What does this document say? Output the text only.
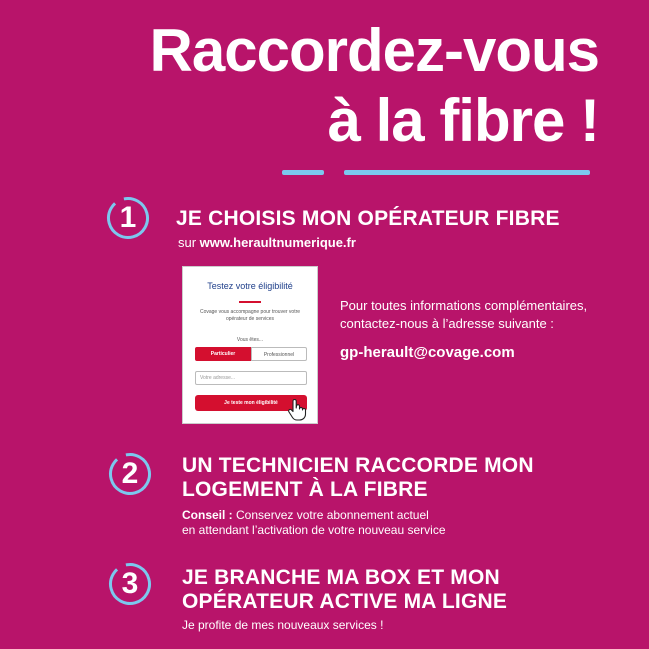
Raccordez-vous
à la fibre !
1	JE CHOISIS MON OPÉRATEUR FIBRE
sur www.heraultnumerique.fr
Testez votre éligibilité
Covage vous accompagne pour trouver votre opérateur de services
Vous êtes...
Particulier	Professionnel
Votre adresse...
Je teste mon éligibilité
Pour toutes informations complémentaires,
contactez-nous à l’adresse suivante :
gp-herault@covage.com
2	UN TECHNICIEN RACCORDE MON
LOGEMENT À LA FIBRE
Conseil : Conservez votre abonnement actuel
en attendant l’activation de votre nouveau service
3	JE BRANCHE MA BOX ET MON
OPÉRATEUR ACTIVE MA LIGNE
Je profite de mes nouveaux services !
